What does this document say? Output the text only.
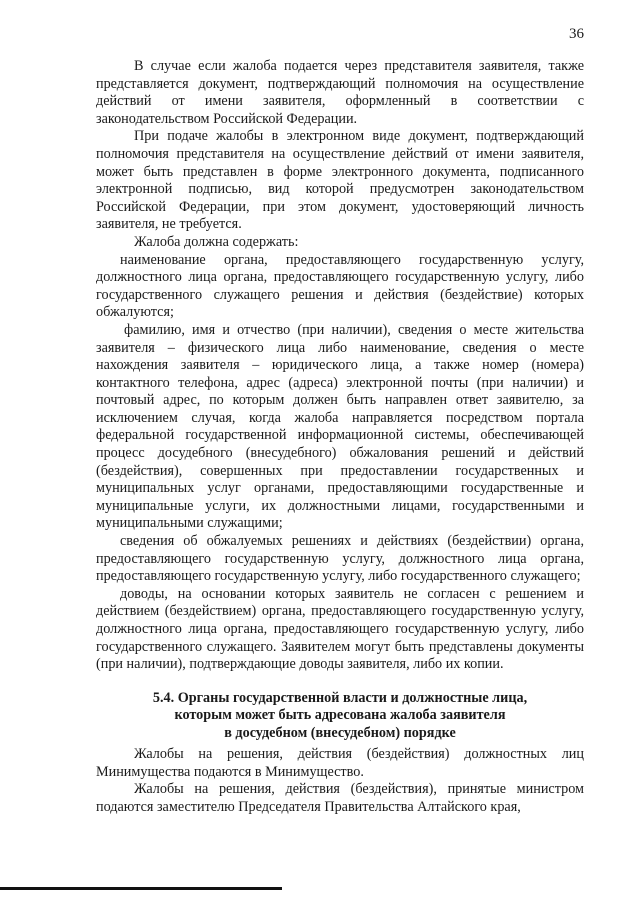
36

В случае если жалоба подается через представителя заявителя, также представляется документ, подтверждающий полномочия на осуществление действий от имени заявителя, оформленный в соответствии с законодательством Российской Федерации.

При подаче жалобы в электронном виде документ, подтверждающий полномочия представителя на осуществление действий от имени заявителя, может быть представлен в форме электронного документа, подписанного электронной подписью, вид которой предусмотрен законодательством Российской Федерации, при этом документ, удостоверяющий личность заявителя, не требуется.

Жалоба должна содержать:

наименование органа, предоставляющего государственную услугу, должностного лица органа, предоставляющего государственную услугу, либо государственного служащего решения и действия (бездействие) которых обжалуются;

фамилию, имя и отчество (при наличии), сведения о месте жительства заявителя – физического лица либо наименование, сведения о месте нахождения заявителя – юридического лица, а также номер (номера) контактного телефона, адрес (адреса) электронной почты (при наличии) и почтовый адрес, по которым должен быть направлен ответ заявителю, за исключением случая, когда жалоба направляется посредством портала федеральной государственной информационной системы, обеспечивающей процесс досудебного (внесудебного) обжалования решений и действий (бездействия), совершенных при предоставлении государственных и муниципальных услуг органами, предоставляющими государственные и муниципальные услуги, их должностными лицами, государственными и муниципальными служащими;

сведения об обжалуемых решениях и действиях (бездействии) органа, предоставляющего государственную услугу, должностного лица органа, предоставляющего государственную услугу, либо государственного служащего;

доводы, на основании которых заявитель не согласен с решением и действием (бездействием) органа, предоставляющего государственную услугу, должностного лица органа, предоставляющего государственную услугу, либо государственного служащего. Заявителем могут быть представлены документы (при наличии), подтверждающие доводы заявителя, либо их копии.

5.4. Органы государственной власти и должностные лица,
которым может быть адресована жалоба заявителя
в досудебном (внесудебном) порядке

Жалобы на решения, действия (бездействия) должностных лиц Минимущества подаются в Минимущество.

Жалобы на решения, действия (бездействия), принятые министром подаются заместителю Председателя Правительства Алтайского края,
